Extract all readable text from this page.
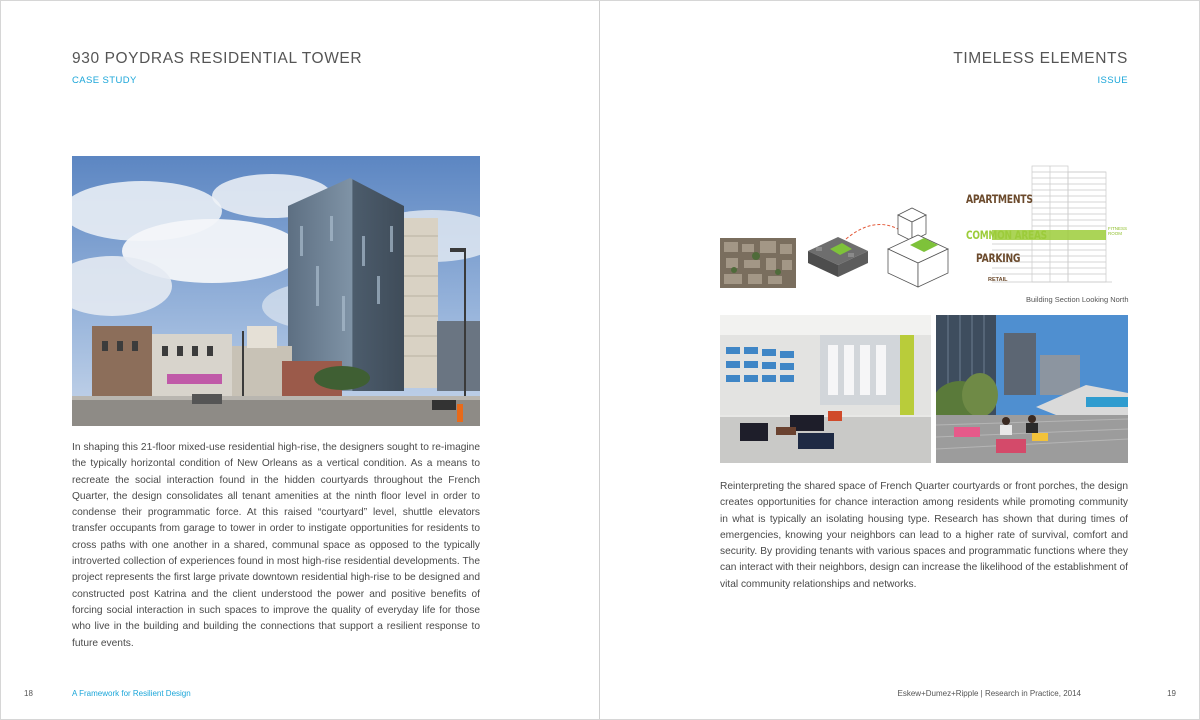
930 POYDRAS RESIDENTIAL TOWER
CASE STUDY

In shaping this 21-floor mixed-use residential high-rise, the designers sought to re-imagine the typically horizontal condition of New Orleans as a vertical condition. As a means to recreate the social interaction found in the hidden courtyards throughout the French Quarter, the design consolidates all tenant amenities at the ninth floor level in order to condense their programmatic force. At this raised “courtyard” level, shuttle elevators transfer occupants from garage to tower in order to instigate opportunities for residents to cross paths with one another in a shared, communal space as opposed to the typically introverted collection of experiences found in most high-rise residential developments. The project represents the first large private downtown residential high-rise to be designed and constructed post Katrina and the client understood the power and positive benefits of forcing social interaction in such spaces to improve the quality of everyday life for those who live in the building and building the connections that support a resilient response to future events.

18	A Framework for Resilient Design
TIMELESS ELEMENTS
ISSUE
APARTMENTS
COMMON AREAS
PARKING
RETAIL
FITNESS ROOM
Building Section Looking North

Reinterpreting the shared space of French Quarter courtyards or front porches, the design creates opportunities for chance interaction among residents while promoting community in what is typically an isolating housing type. Research has shown that during times of emergencies, knowing your neighbors can lead to a higher rate of survival, comfort and security. By providing tenants with various spaces and programmatic functions where they can interact with their neighbors, design can increase the likelihood of the establishment of vital community relationships and networks.

Eskew+Dumez+Ripple | Research in Practice, 2014	19
